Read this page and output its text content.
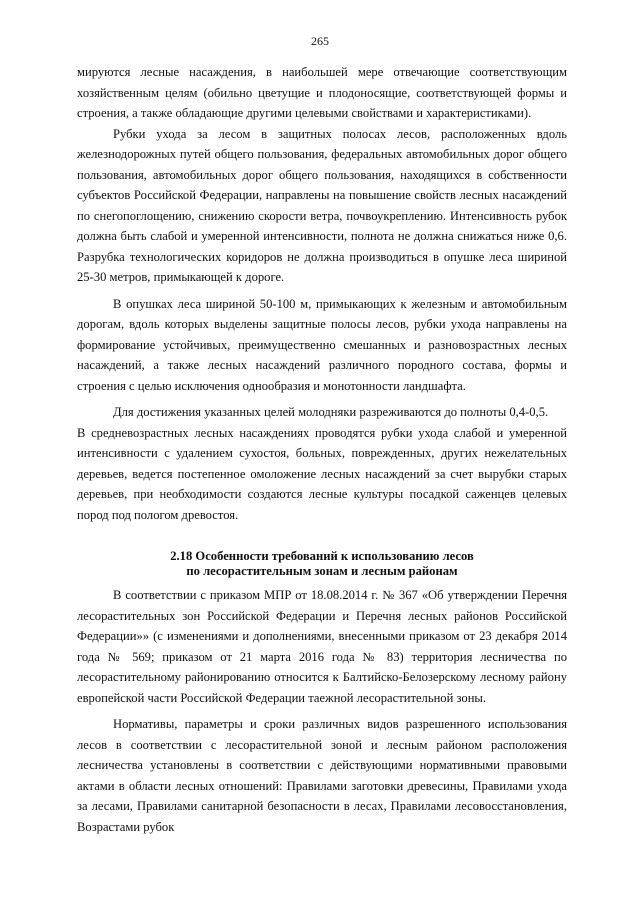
265

мируются лесные насаждения, в наибольшей мере отвечающие соответствующим хозяйственным целям (обильно цветущие и плодоносящие, соответствующей формы и строения, а также обладающие другими целевыми свойствами и характеристиками).

Рубки ухода за лесом в защитных полосах лесов, расположенных вдоль железнодорожных путей общего пользования, федеральных автомобильных дорог общего пользования, автомобильных дорог общего пользования, находящихся в собственности субъектов Российской Федерации, направлены на повышение свойств лесных насаждений по снегопоглощению, снижению скорости ветра, почвоукреплению. Интенсивность рубок должна быть слабой и умеренной интенсивности, полнота не должна снижаться ниже 0,6. Разрубка технологических коридоров не должна производиться в опушке леса шириной 25-30 метров, примыкающей к дороге.

В опушках леса шириной 50-100 м, примыкающих к железным и автомобильным дорогам, вдоль которых выделены защитные полосы лесов, рубки ухода направлены на формирование устойчивых, преимущественно смешанных и разновозрастных лесных насаждений, а также лесных насаждений различного породного состава, формы и строения с целью исключения однообразия и монотонности ландшафта.

Для достижения указанных целей молодняки разреживаются до полноты 0,4-0,5.

В средневозрастных лесных насаждениях проводятся рубки ухода слабой и умеренной интенсивности с удалением сухостоя, больных, поврежденных, других нежелательных деревьев, ведется постепенное омоложение лесных насаждений за счет вырубки старых деревьев, при необходимости создаются лесные культуры посадкой саженцев целевых пород под пологом древостоя.

2.18 Особенности требований к использованию лесов
по лесорастительным зонам и лесным районам

В соответствии с приказом МПР от 18.08.2014 г. № 367 «Об утверждении Перечня лесорастительных зон Российской Федерации и Перечня лесных районов Российской Федерации»» (с изменениями и дополнениями, внесенными приказом от 23 декабря 2014 года № 569; приказом от 21 марта 2016 года № 83) территория лесничества по лесорастительному районированию относится к Балтийско-Белозерскому лесному району европейской части Российской Федерации таежной лесорастительной зоны.

Нормативы, параметры и сроки различных видов разрешенного использования лесов в соответствии с лесорастительной зоной и лесным районом расположения лесничества установлены в соответствии с действующими нормативными правовыми актами в области лесных отношений: Правилами заготовки древесины, Правилами ухода за лесами, Правилами санитарной безопасности в лесах, Правилами лесовосстановления, Возрастами рубок
